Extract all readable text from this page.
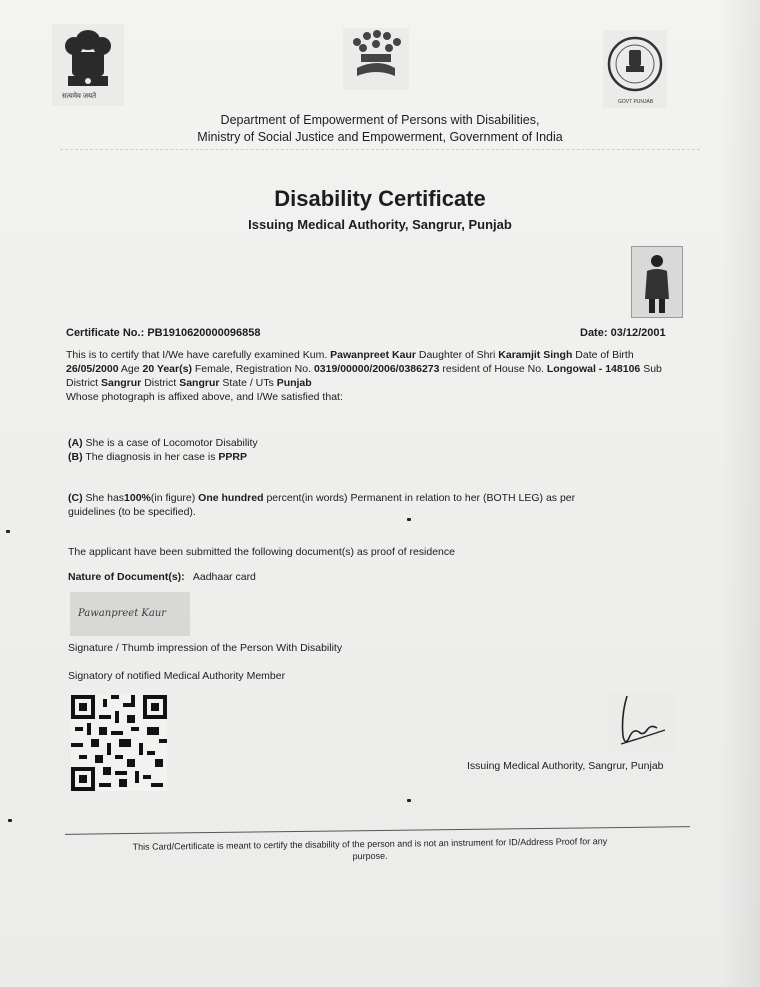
सत्यमेव जयते
GOVT PUNJAB
Department of Empowerment of Persons with Disabilities,
Ministry of Social Justice and Empowerment, Government of India
Disability Certificate
Issuing Medical Authority, Sangrur, Punjab
Certificate No.: PB1910620000096858	Date: 03/12/2001
This is to certify that I/We have carefully examined Kum. Pawanpreet Kaur Daughter of Shri Karamjit Singh Date of Birth 26/05/2000 Age 20 Year(s) Female, Registration No. 0319/00000/2006/0386273 resident of House No. Longowal - 148106 Sub District Sangrur District Sangrur State / UTs Punjab
Whose photograph is affixed above, and I/We satisfied that:
(A) She is a case of Locomotor Disability
(B) The diagnosis in her case is PPRP
(C) She has100%(in figure) One hundred percent(in words) Permanent in relation to her (BOTH LEG) as per
guidelines (to be specified).
The applicant have been submitted the following document(s) as proof of residence
Nature of Document(s): Aadhaar card
Pawanpreet Kaur
Signature / Thumb impression of the Person With Disability
Signatory of notified Medical Authority Member
Issuing Medical Authority, Sangrur, Punjab
This Card/Certificate is meant to certify the disability of the person and is not an instrument for ID/Address Proof for any
purpose.
